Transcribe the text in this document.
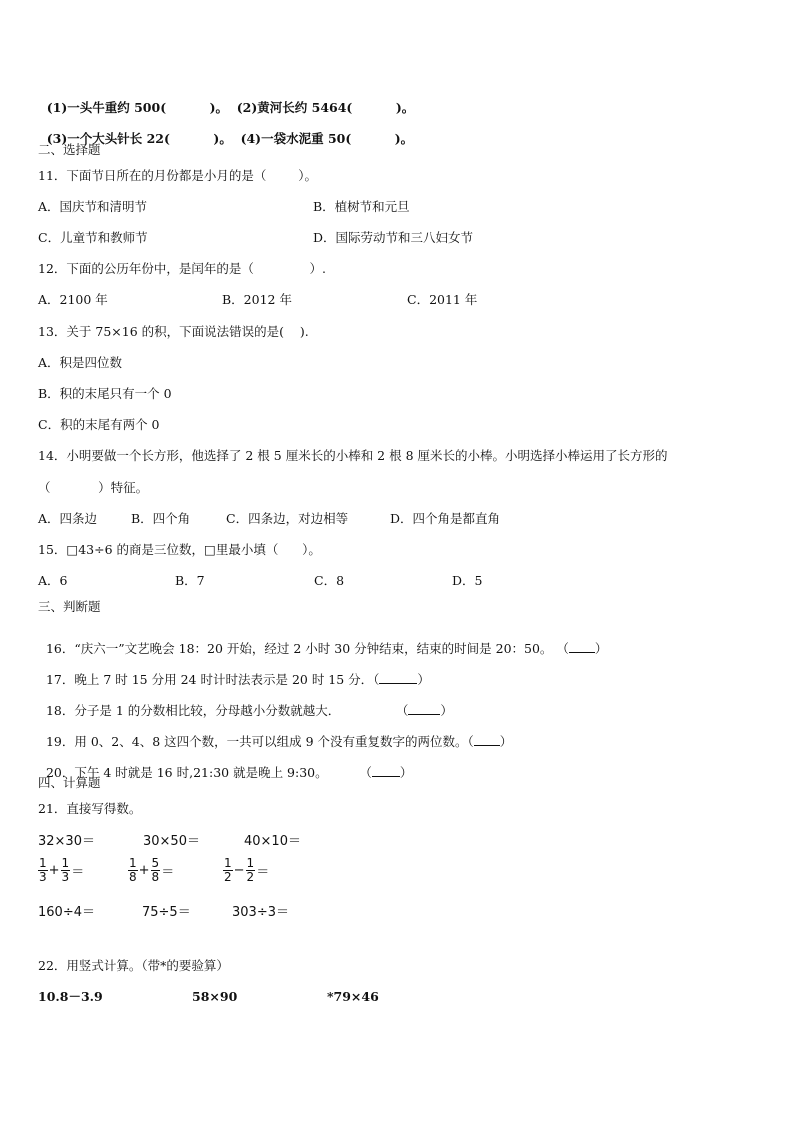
(1)一头牛重约 500(          )。 (2)黄河长约 5464(          )。

(3)一个大头针长 22(          )。 (4)一袋水泥重 50(          )。

二、选择题
11．下面节日所在的月份都是小月的是（        ）。
A．国庆节和清明节	B．植树节和元旦
C．儿童节和教师节	D．国际劳动节和三八妇女节
12．下面的公历年份中，是闰年的是（              ）.
A．2100 年	B．2012 年	C．2011 年
13．关于 75×16 的积，下面说法错误的是(    ).
A．积是四位数
B．积的末尾只有一个 0
C．积的末尾有两个 0
14．小明要做一个长方形，他选择了 2 根 5 厘米长的小棒和 2 根 8 厘米长的小棒。小明选择小棒运用了长方形的
（            ）特征。
A．四条边	B．四个角	C．四条边，对边相等	D．四个角是都直角
15．□43÷6 的商是三位数，□里最小填（      ）。
A．6	B．7	C．8	D．5
三、判断题

16．“庆六一”文艺晚会 18：20 开始，经过 2 小时 30 分钟结束，结束的时间是 20：50。 （ ）

17．晚上 7 时 15 分用 24 时计时法表示是 20 时 15 分．（	）

18．分子是 1 的分数相比较，分母越小分数就越大．              （	）

19．用 0、2、4、8 这四个数，一共可以组成 9 个没有重复数字的两位数。（ ）

20．下午 4 时就是 16 时,21:30 就是晚上 9:30。        （ ）

四、计算题
21．直接写得数。
32×30＝	30×50＝	40×10＝
$\frac{1}{3} + \frac{1}{3}$ ＝	$\frac{1}{8} + \frac{5}{8}$ ＝	$\frac{1}{2} - \frac{1}{2}$ ＝
160÷4＝	75÷5＝	303÷3＝
22．用竖式计算。（带*的要验算）
10.8－3.9	58×90	*79×46
